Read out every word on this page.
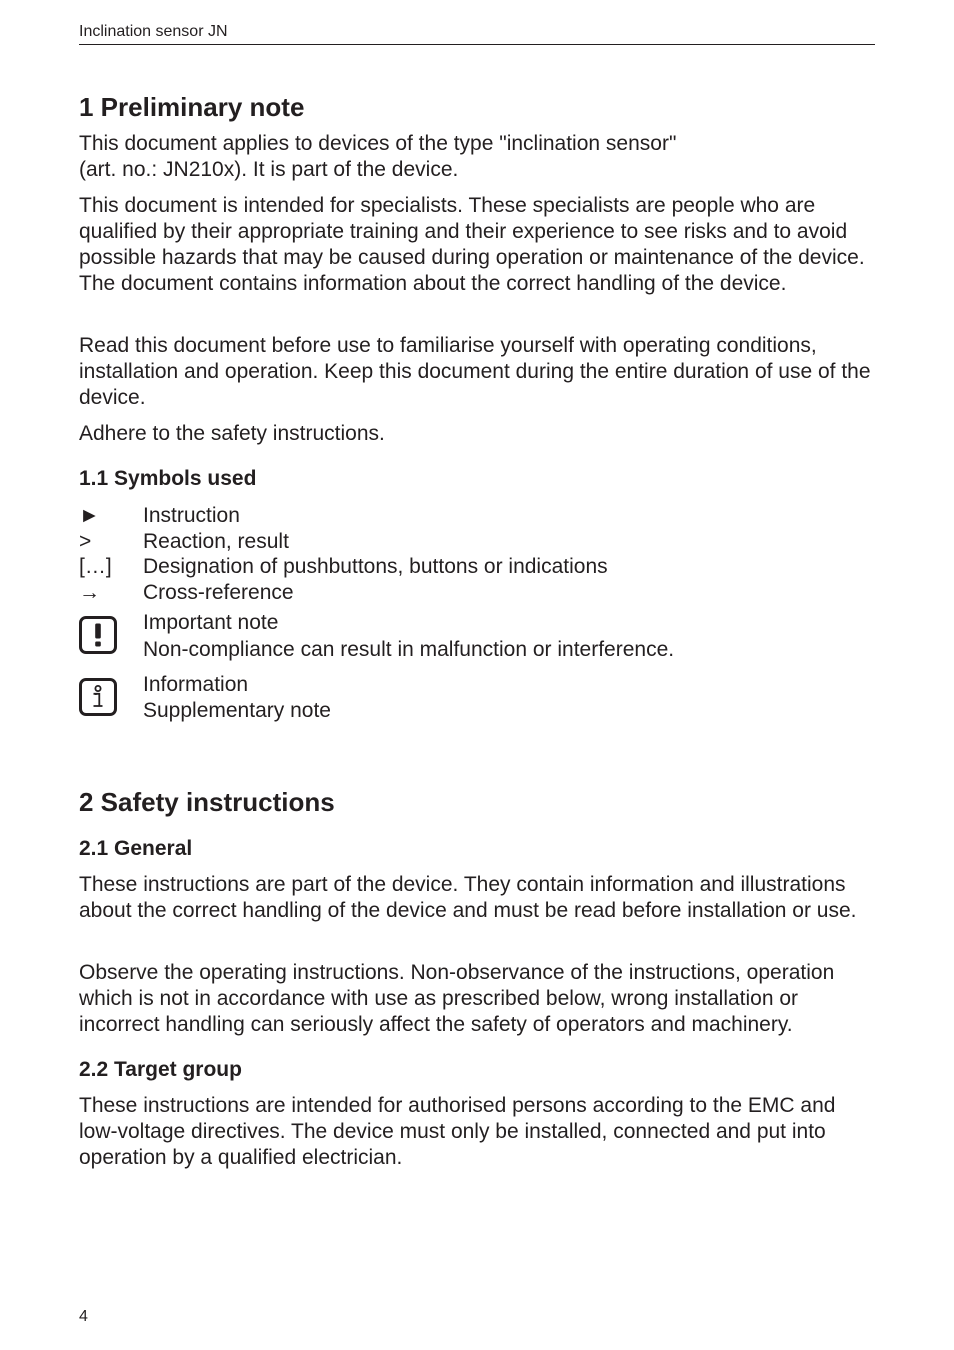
Inclination sensor JN
1 Preliminary note

This document applies to devices of the type "inclination sensor"

(art. no.: JN210x). It is part of the device.

This document is intended for specialists. These specialists are people who are qualified by their appropriate training and their experience to see risks and to avoid possible hazards that may be caused during operation or maintenance of the device. The document contains information about the correct handling of the device.

Read this document before use to familiarise yourself with operating conditions, installation and operation. Keep this document during the entire duration of use of the device.

Adhere to the safety instructions.

1.1 Symbols used
►	Instruction
>	Reaction, result
[…]	Designation of pushbuttons, buttons or indications
→	Cross-reference
Important note
Non-compliance can result in malfunction or interference.
Information
Supplementary note
2 Safety instructions
2.1 General

These instructions are part of the device. They contain information and illustrations about the correct handling of the device and must be read before installation or use.

Observe the operating instructions. Non-observance of the instructions, operation which is not in accordance with use as prescribed below, wrong installation or incorrect handling can seriously affect the safety of operators and machinery.

2.2 Target group

These instructions are intended for authorised persons according to the EMC and low-voltage directives. The device must only be installed, connected and put into operation by a qualified electrician.

4
